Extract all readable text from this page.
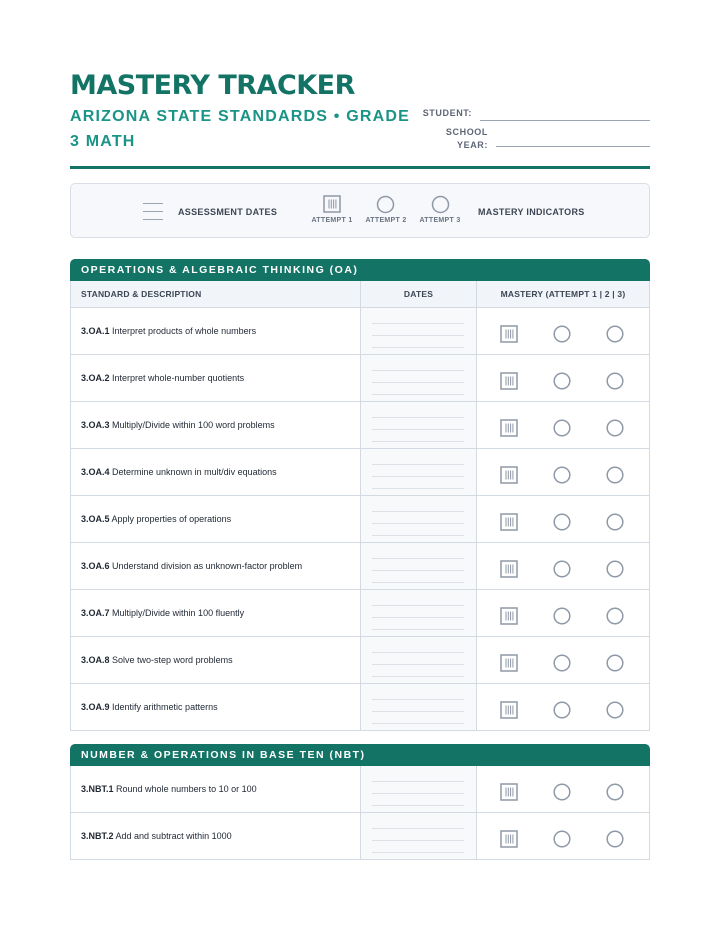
MASTERY TRACKER
ARIZONA STATE STANDARDS • GRADE 3 MATH
STUDENT:
SCHOOL
YEAR:
ASSESSMENT DATES
ATTEMPT 1	ATTEMPT 2	ATTEMPT 3
MASTERY INDICATORS
OPERATIONS & ALGEBRAIC THINKING (OA)
STANDARD & DESCRIPTION	DATES	MASTERY (ATTEMPT 1 | 2 | 3)
3.OA.1 Interpret products of whole numbers
3.OA.2 Interpret whole-number quotients
3.OA.3 Multiply/Divide within 100 word problems
3.OA.4 Determine unknown in mult/div equations
3.OA.5 Apply properties of operations
3.OA.6 Understand division as unknown-factor problem
3.OA.7 Multiply/Divide within 100 fluently
3.OA.8 Solve two-step word problems
3.OA.9 Identify arithmetic patterns
NUMBER & OPERATIONS IN BASE TEN (NBT)
3.NBT.1 Round whole numbers to 10 or 100
3.NBT.2 Add and subtract within 1000
